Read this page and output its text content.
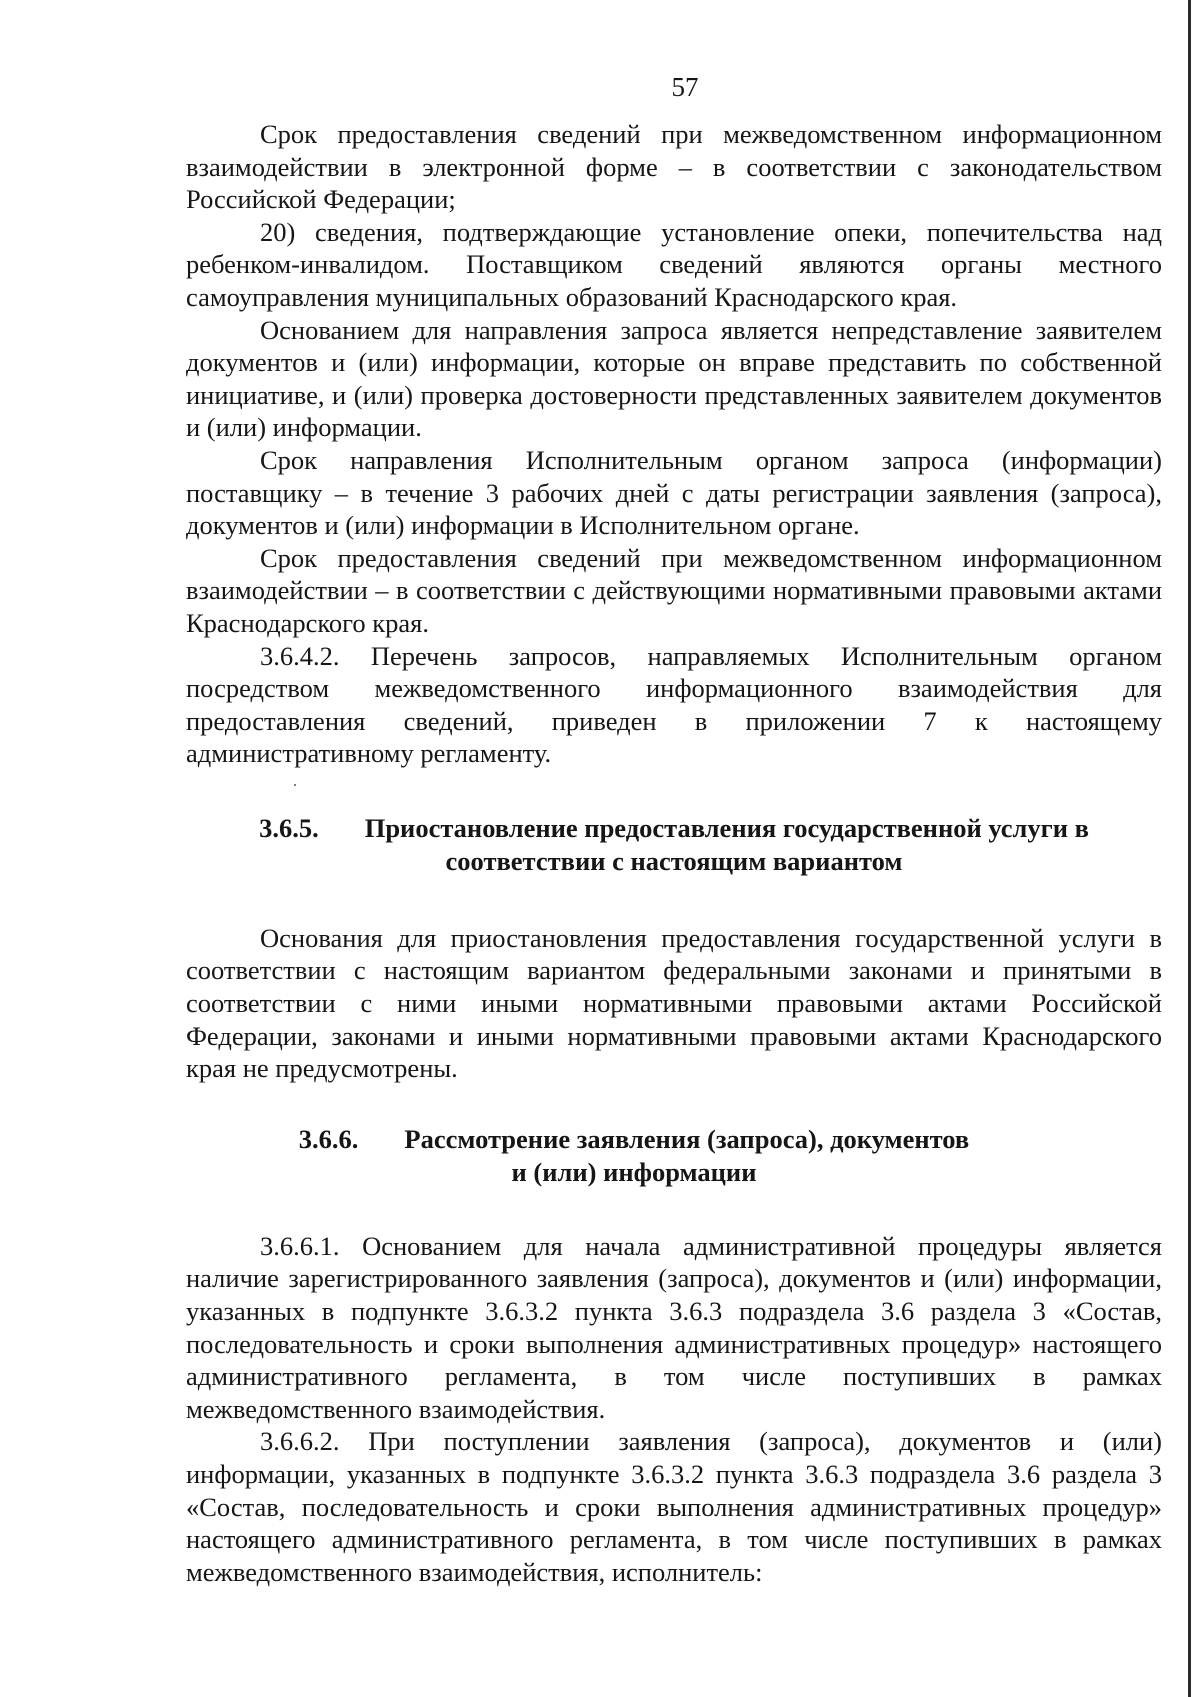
57

Срок предоставления сведений при межведомственном информационном взаимодействии в электронной форме – в соответствии с законодательством Российской Федерации;

20) сведения, подтверждающие установление опеки, попечительства над ребенком-инвалидом. Поставщиком сведений являются органы местного самоуправления муниципальных образований Краснодарского края.

Основанием для направления запроса является непредставление заявителем документов и (или) информации, которые он вправе представить по собственной инициативе, и (или) проверка достоверности представленных заявителем документов и (или) информации.

Срок направления Исполнительным органом запроса (информации) поставщику – в течение 3 рабочих дней с даты регистрации заявления (запроса), документов и (или) информации в Исполнительном органе.

Срок предоставления сведений при межведомственном информационном взаимодействии – в соответствии с действующими нормативными правовыми актами Краснодарского края.

3.6.4.2. Перечень запросов, направляемых Исполнительным органом посредством межведомственного информационного взаимодействия для предоставления сведений, приведен в приложении 7 к настоящему административному регламенту.

3.6.5. Приостановление предоставления государственной услуги в соответствии с настоящим вариантом

Основания для приостановления предоставления государственной услуги в соответствии с настоящим вариантом федеральными законами и принятыми в соответствии с ними иными нормативными правовыми актами Российской Федерации, законами и иными нормативными правовыми актами Краснодарского края не предусмотрены.

3.6.6. Рассмотрение заявления (запроса), документов и (или) информации

3.6.6.1. Основанием для начала административной процедуры является наличие зарегистрированного заявления (запроса), документов и (или) информации, указанных в подпункте 3.6.3.2 пункта 3.6.3 подраздела 3.6 раздела 3 «Состав, последовательность и сроки выполнения административных процедур» настоящего административного регламента, в том числе поступивших в рамках межведомственного взаимодействия.

3.6.6.2. При поступлении заявления (запроса), документов и (или) информации, указанных в подпункте 3.6.3.2 пункта 3.6.3 подраздела 3.6 раздела 3 «Состав, последовательность и сроки выполнения административных процедур» настоящего административного регламента, в том числе поступивших в рамках межведомственного взаимодействия, исполнитель:
